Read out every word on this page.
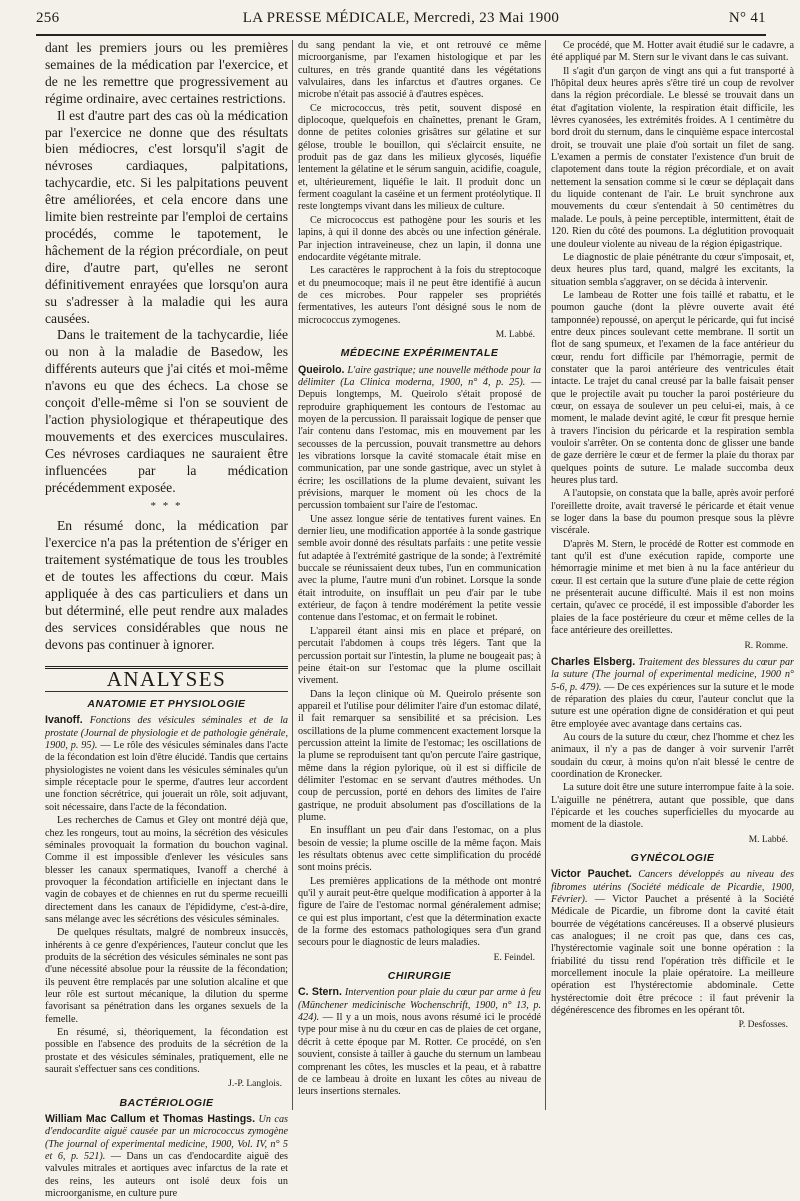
256	LA PRESSE MÉDICALE, Mercredi, 23 Mai 1900	N° 41

dant les premiers jours ou les premières semaines de la médication par l'exercice, et de ne les remettre que progressivement au régime ordinaire, avec certaines restrictions.

Il est d'autre part des cas où la médication par l'exercice ne donne que des résultats bien médiocres, c'est lorsqu'il s'agit de névroses cardiaques, palpitations, tachycardie, etc. Si les palpitations peuvent être améliorées, et cela encore dans une limite bien restreinte par l'emploi de certains procédés, comme le tapotement, le hâchement de la région précordiale, on peut dire, d'autre part, qu'elles ne seront définitivement enrayées que lorsqu'on aura su s'adresser à la maladie qui les aura causées.

Dans le traitement de la tachycardie, liée ou non à la maladie de Basedow, les différents auteurs que j'ai cités et moi-même n'avons eu que des échecs. La chose se conçoit d'elle-même si l'on se souvient de l'action physiologique et thérapeutique des mouvements et des exercices musculaires. Ces névroses cardiaques ne sauraient être influencées par la médication précédemment exposée.

* * *

En résumé donc, la médication par l'exercice n'a pas la prétention de s'ériger en traitement systématique de tous les troubles et de toutes les affections du cœur. Mais appliquée à des cas particuliers et dans un but déterminé, elle peut rendre aux malades des services considérables que nous ne devons pas continuer à ignorer.

ANALYSES
ANATOMIE ET PHYSIOLOGIE

Ivanoff. Fonctions des vésicules séminales et de la prostate (Journal de physiologie et de pathologie générale, 1900, p. 95). — Le rôle des vésicules séminales dans l'acte de la fécondation est loin d'être élucidé. Tandis que certains physiologistes ne voient dans les vésicules séminales qu'un simple réceptacle pour le sperme, d'autres leur accordent une fonction sécrétrice, qui jouerait un rôle, soit adjuvant, soit nécessaire, dans l'acte de la fécondation.

Les recherches de Camus et Gley ont montré déjà que, chez les rongeurs, tout au moins, la sécrétion des vésicules séminales provoquait la formation du bouchon vaginal. Comme il est impossible d'enlever les vésicules sans blesser les canaux spermatiques, Ivanoff a cherché à provoquer la fécondation artificielle en injectant dans le vagin de cobayes et de chiennes en rut du sperme recueilli directement dans les canaux de l'épididyme, c'est-à-dire, sans mélange avec les sécrétions des vésicules séminales.

De quelques résultats, malgré de nombreux insuccès, inhérents à ce genre d'expériences, l'auteur conclut que les produits de la sécrétion des vésicules séminales ne sont pas d'une nécessité absolue pour la réussite de la fécondation; ils peuvent être remplacés par une solution alcaline et que leur rôle est surtout mécanique, la dilution du sperme favorisant sa pénétration dans les organes sexuels de la femelle.

En résumé, si, théoriquement, la fécondation est possible en l'absence des produits de la sécrétion de la prostate et des vésicules séminales, pratiquement, elle ne saurait s'effectuer sans ces conditions.

J.-P. Langlois.
BACTÉRIOLOGIE

William Mac Callum et Thomas Hastings. Un cas d'endocardite aiguë causée par un micrococcus zymogène (The journal of experimental medicine, 1900, Vol. IV, n° 5 et 6, p. 521). — Dans un cas d'endocardite aiguë des valvules mitrales et aortiques avec infarctus de la rate et des reins, les auteurs ont isolé deux fois un microorganisme, en culture pure

du sang pendant la vie, et ont retrouvé ce même microorganisme, par l'examen histologique et par les cultures, en très grande quantité dans les végétations valvulaires, dans les infarctus et d'autres organes. Ce microbe n'était pas associé à d'autres espèces.

Ce micrococcus, très petit, souvent disposé en diplocoque, quelquefois en chaînettes, prenant le Gram, donne de petites colonies grisâtres sur gélatine et sur gélose, trouble le bouillon, qui s'éclaircit ensuite, ne produit pas de gaz dans les milieux glycosés, liquéfie lentement la gélatine et le sérum sanguin, acidifie, coagule, et, ultérieurement, liquéfie le lait. Il produit donc un ferment coagulant la caséine et un ferment protéolytique. Il reste longtemps vivant dans les milieux de culture.

Ce micrococcus est pathogène pour les souris et les lapins, à qui il donne des abcès ou une infection générale. Par injection intraveineuse, chez un lapin, il donna une endocardite végétante mitrale.

Les caractères le rapprochent à la fois du streptocoque et du pneumocoque; mais il ne peut être identifié à aucun de ces microbes. Pour rappeler ses propriétés fermentatives, les auteurs l'ont désigné sous le nom de micrococcus zymogenes.

M. Labbé.
MÉDECINE EXPÉRIMENTALE

Queirolo. L'aire gastrique; une nouvelle méthode pour la délimiter (La Clinica moderna, 1900, n° 4, p. 25). — Depuis longtemps, M. Queirolo s'était proposé de reproduire graphiquement les contours de l'estomac au moyen de la percussion. Il paraissait logique de penser que l'air contenu dans l'estomac, mis en mouvement par les secousses de la percussion, pouvait transmettre au dehors les vibrations lorsque la cavité stomacale était mise en communication, par une sonde gastrique, avec un stylet à écrire; les oscillations de la plume devaient, suivant les prévisions, marquer le moment où les chocs de la percussion tombaient sur l'aire de l'estomac.

Une assez longue série de tentatives furent vaines. En dernier lieu, une modification apportée à la sonde gastrique semble avoir donné des résultats parfaits : une petite vessie fut adaptée à l'extrémité gastrique de la sonde; à l'extrémité buccale se réunissaient deux tubes, l'un en communication avec la plume, l'autre muni d'un robinet. Lorsque la sonde était introduite, on insufflait un peu d'air par le tube extérieur, de façon à tendre modérément la petite vessie contenue dans l'estomac, et on fermait le robinet.

L'appareil étant ainsi mis en place et préparé, on percutait l'abdomen à coups très légers. Tant que la percussion portait sur l'intestin, la plume ne bougeait pas; à peine était-on sur l'estomac que la plume oscillait vivement.

Dans la leçon clinique où M. Queirolo présente son appareil et l'utilise pour délimiter l'aire d'un estomac dilaté, il fait remarquer sa sensibilité et sa précision. Les oscillations de la plume commencent exactement lorsque la percussion atteint la limite de l'estomac; les oscillations de la plume se reproduisent tant qu'on percute l'aire gastrique, même dans la région pylorique, où il est si difficile de délimiter l'estomac en se servant d'autres méthodes. Un coup de percussion, porté en dehors des limites de l'aire gastrique, ne produit absolument pas d'oscillations de la plume.

En insufflant un peu d'air dans l'estomac, on a plus besoin de vessie; la plume oscille de la même façon. Mais les résultats obtenus avec cette simplification du procédé sont moins précis.

Les premières applications de la méthode ont montré qu'il y aurait peut-être quelque modification à apporter à la figure de l'aire de l'estomac normal généralement admise; ce qui est plus important, c'est que la détermination exacte de la forme des estomacs pathologiques sera d'un grand secours pour le diagnostic de leurs maladies.

E. Feindel.
CHIRURGIE

C. Stern. Intervention pour plaie du cœur par arme à feu (Münchener medicinische Wochenschrift, 1900, n° 13, p. 424). — Il y a un mois, nous avons résumé ici le procédé type pour mise à nu du cœur en cas de plaies de cet organe, décrit à cette époque par M. Rotter. Ce procédé, on s'en souvient, consiste à tailler à gauche du sternum un lambeau comprenant les côtes, les muscles et la peau, et à rabattre de ce lambeau à droite en luxant les côtes au niveau de leurs insertions sternales.

Ce procédé, que M. Hotter avait étudié sur le cadavre, a été appliqué par M. Stern sur le vivant dans le cas suivant.

Il s'agit d'un garçon de vingt ans qui a fut transporté à l'hôpital deux heures après s'être tiré un coup de revolver dans la région précordiale. Le blessé se trouvait dans un état d'agitation violente, la respiration était difficile, les lèvres cyanosées, les extrémités froides. A 1 centimètre du bord droit du sternum, dans le cinquième espace intercostal droit, se trouvait une plaie d'où sortait un filet de sang. L'examen a permis de constater l'existence d'un bruit de clapotement dans toute la région précordiale, et on avait nettement la sensation comme si le cœur se déplaçait dans du liquide contenant de l'air. Le bruit synchrone aux mouvements du cœur s'entendait à 50 centimètres du malade. Le pouls, à peine perceptible, intermittent, était de 120. Rien du côté des poumons. La déglutition provoquait une douleur violente au niveau de la région épigastrique.

Le diagnostic de plaie pénétrante du cœur s'imposait, et, deux heures plus tard, quand, malgré les excitants, la situation sembla s'aggraver, on se décida à intervenir.

Le lambeau de Rotter une fois taillé et rabattu, et le poumon gauche (dont la plèvre ouverte avait été tamponnée) repoussé, on aperçut le péricarde, qui fut incisé entre deux pinces soulevant cette membrane. Il sortit un flot de sang spumeux, et l'examen de la face antérieur du cœur, rendu fort difficile par l'hémorragie, permit de constater que la paroi antérieure des ventricules était intacte. Le trajet du canal creusé par la balle faisait penser que le projectile avait pu toucher la paroi postérieure du cœur, on essaya de soulever un peu celui-ei, mais, à ce moment, le malade devint agité, le cœur fit presque hernie à travers l'incision du péricarde et la respiration sembla vouloir s'arrêter. On se contenta donc de glisser une bande de gaze derrière le cœur et de fermer la plaie du thorax par quelques points de suture. Le malade succomba deux heures plus tard.

A l'autopsie, on constata que la balle, après avoir perforé l'oreillette droite, avait traversé le péricarde et était venue se loger dans la base du poumon presque sous la plèvre viscérale.

D'après M. Stern, le procédé de Rotter est commode en tant qu'il est d'une exécution rapide, comporte une hémorragie minime et met bien à nu la face antérieur du cœur. Il est certain que la suture d'une plaie de cette région ne présenterait aucune difficulté. Mais il est non moins certain, qu'avec ce procédé, il est impossible d'aborder les plaies de la face postérieure du cœur et même celles de la face antérieure des oreillettes.

R. Romme.

Charles Elsberg. Traitement des blessures du cœur par la suture (The journal of experimental medicine, 1900 n° 5-6, p. 479). — De ces expériences sur la suture et le mode de réparation des plaies du cœur, l'auteur conclut que la suture est une opération digne de considération et qui peut être employée avec avantage dans certains cas.

Au cours de la suture du cœur, chez l'homme et chez les animaux, il n'y a pas de danger à voir survenir l'arrêt soudain du cœur, à moins qu'on n'ait blessé le centre de coordination de Kronecker.

La suture doit être une suture interrompue faite à la soie. L'aiguille ne pénétrera, autant que possible, que dans l'épicarde et les couches superficielles du myocarde au moment de la diastole.

M. Labbé.
GYNÉCOLOGIE

Victor Pauchet. Cancers développés au niveau des fibromes utérins (Société médicale de Picardie, 1900, Février). — Victor Pauchet a présenté à la Société Médicale de Picardie, un fibrome dont la cavité était bourrée de végétations cancéreuses. Il a observé plusieurs cas analogues; il ne croit pas que, dans ces cas, l'hystérectomie vaginale soit une bonne opération : la friabilité du tissu rend l'opération très difficile et le morcellement inocule la plaie opératoire. La meilleure opération est l'hystérectomie abdominale. Cette hystérectomie doit être précoce : il faut prévenir la dégénérescence des fibromes en les opérant tôt.

P. Desfosses.
